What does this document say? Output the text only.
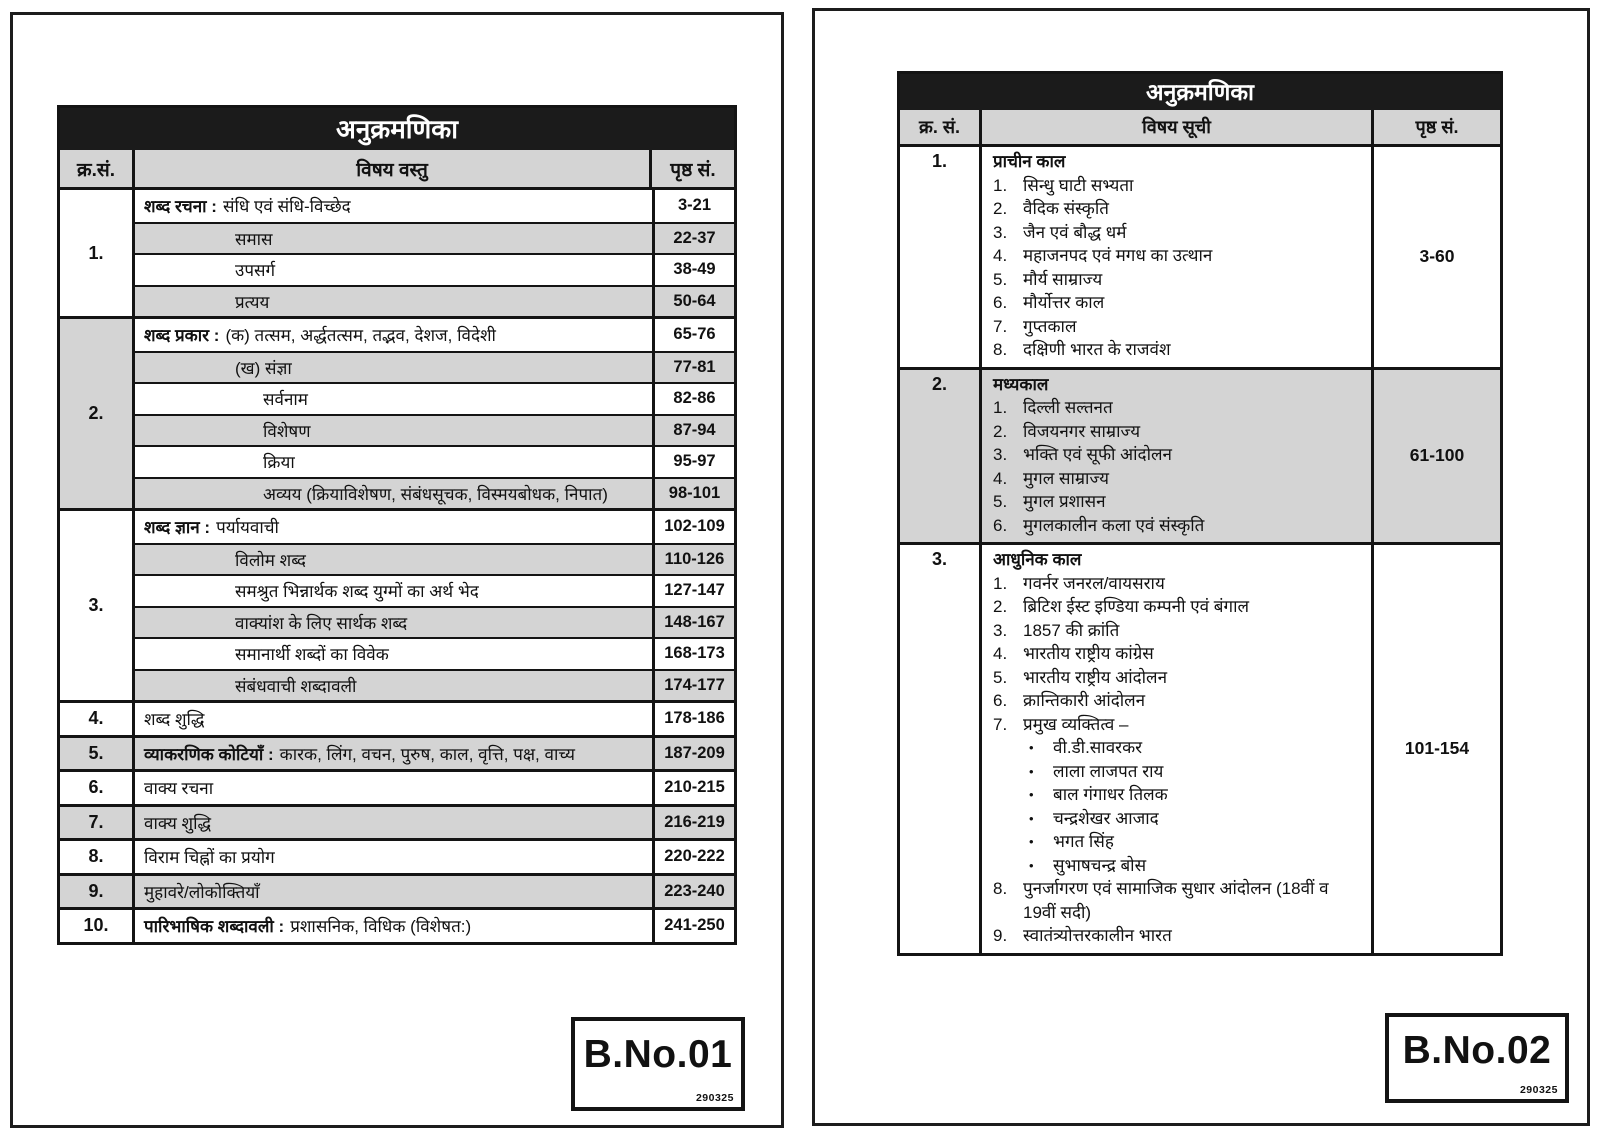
अनुक्रमणिका
क्र.सं.	विषय वस्तु	पृष्ठ सं.
1.
शब्द रचना : संधि एवं संधि-विच्छेद	3-21
समास	22-37
उपसर्ग	38-49
प्रत्यय	50-64
2.
शब्द प्रकार : (क) तत्सम, अर्द्धतत्सम, तद्भव, देशज, विदेशी	65-76
(ख) संज्ञा	77-81
सर्वनाम	82-86
विशेषण	87-94
क्रिया	95-97
अव्यय (क्रियाविशेषण, संबंधसूचक, विस्मयबोधक, निपात)	98-101
3.
शब्द ज्ञान : पर्यायवाची	102-109
विलोम शब्द	110-126
समश्रुत भिन्नार्थक शब्द युग्मों का अर्थ भेद	127-147
वाक्यांश के लिए सार्थक शब्द	148-167
समानार्थी शब्दों का विवेक	168-173
संबंधवाची शब्दावली	174-177
4.	शब्द शुद्धि	178-186
5.	व्याकरणिक कोटियाँ : कारक, लिंग, वचन, पुरुष, काल, वृत्ति, पक्ष, वाच्य	187-209
6.	वाक्य रचना	210-215
7.	वाक्य शुद्धि	216-219
8.	विराम चिह्नों का प्रयोग	220-222
9.	मुहावरे/लोकोक्तियाँ	223-240
10.	पारिभाषिक शब्दावली : प्रशासनिक, विधिक (विशेषत:)	241-250
B.No.01
290325
अनुक्रमणिका
क्र. सं.	विषय सूची	पृष्ठ सं.
1.	प्राचीन काल
1. सिन्धु घाटी सभ्यता
2. वैदिक संस्कृति
3. जैन एवं बौद्ध धर्म
4. महाजनपद एवं मगध का उत्थान
5. मौर्य साम्राज्य
6. मौर्योत्तर काल
7. गुप्तकाल
8. दक्षिणी भारत के राजवंश
3-60
2.	मध्यकाल
1. दिल्ली सल्तनत
2. विजयनगर साम्राज्य
3. भक्ति एवं सूफी आंदोलन
4. मुगल साम्राज्य
5. मुगल प्रशासन
6. मुगलकालीन कला एवं संस्कृति
61-100
3.	आधुनिक काल
1. गवर्नर जनरल/वायसराय
2. ब्रिटिश ईस्ट इण्डिया कम्पनी एवं बंगाल
3. 1857 की क्रांति
4. भारतीय राष्ट्रीय कांग्रेस
5. भारतीय राष्ट्रीय आंदोलन
6. क्रान्तिकारी आंदोलन
7. प्रमुख व्यक्तित्व –
•	वी.डी.सावरकर
•	लाला लाजपत राय
•	बाल गंगाधर तिलक
•	चन्द्रशेखर आजाद
•	भगत सिंह
•	सुभाषचन्द्र बोस
8. पुनर्जागरण एवं सामाजिक सुधार आंदोलन (18वीं व 19वीं सदी)
9. स्वातंत्र्योत्तरकालीन भारत
101-154
B.No.02
290325
